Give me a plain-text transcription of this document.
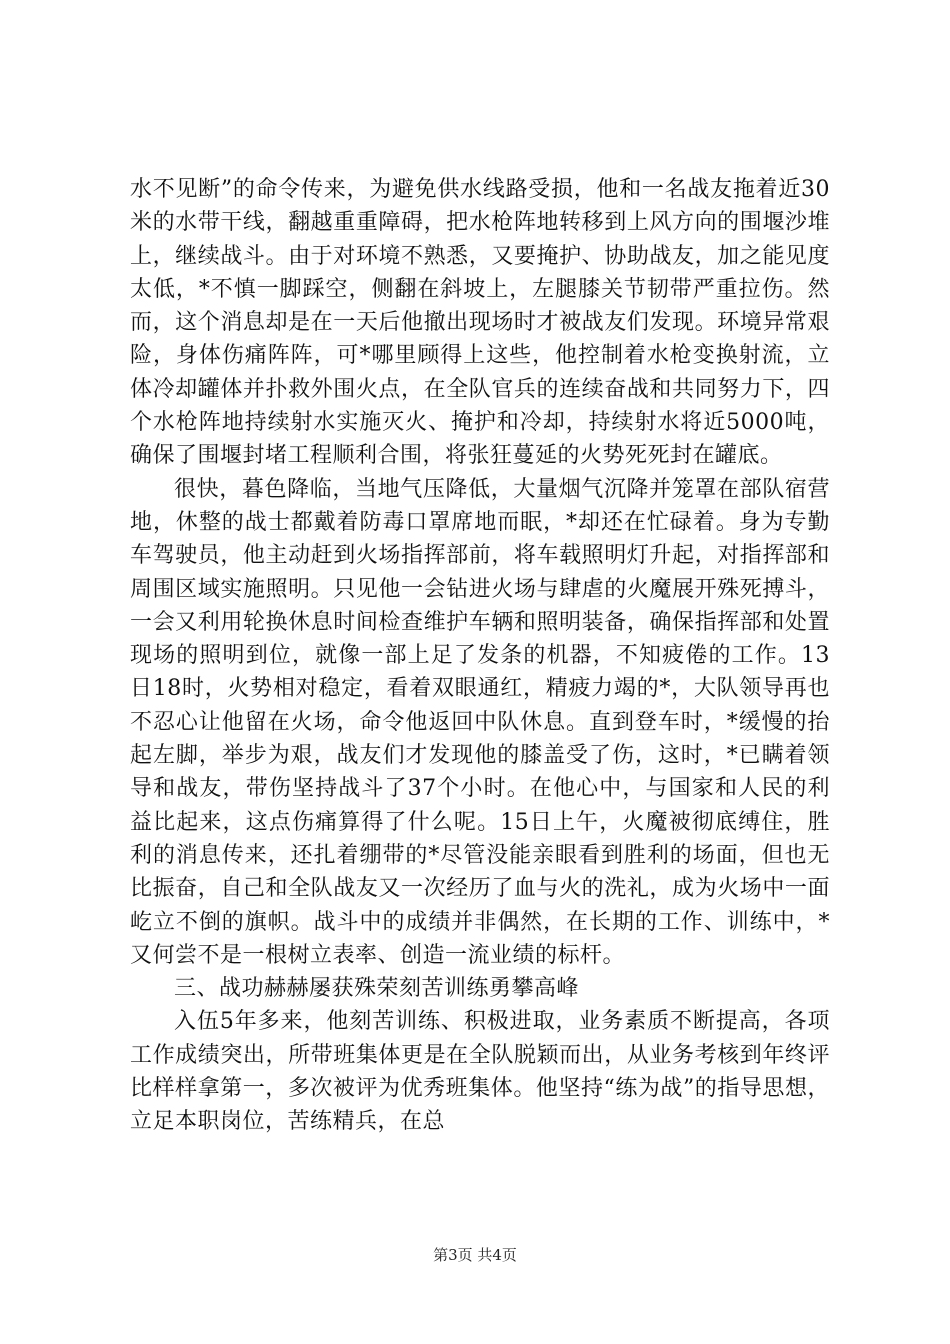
水不见断”的命令传来，为避免供水线路受损，他和一名战友拖着近30米的水带干线，翻越重重障碍，把水枪阵地转移到上风方向的围堰沙堆上，继续战斗。由于对环境不熟悉，又要掩护、协助战友，加之能见度太低，*不慎一脚踩空，侧翻在斜坡上，左腿膝关节韧带严重拉伤。然而，这个消息却是在一天后他撤出现场时才被战友们发现。环境异常艰险，身体伤痛阵阵，可*哪里顾得上这些，他控制着水枪变换射流，立体冷却罐体并扑救外围火点，在全队官兵的连续奋战和共同努力下，四个水枪阵地持续射水实施灭火、掩护和冷却，持续射水将近5000吨，确保了围堰封堵工程顺利合围，将张狂蔓延的火势死死封在罐底。

很快，暮色降临，当地气压降低，大量烟气沉降并笼罩在部队宿营地，休整的战士都戴着防毒口罩席地而眠，*却还在忙碌着。身为专勤车驾驶员，他主动赶到火场指挥部前，将车载照明灯升起，对指挥部和周围区域实施照明。只见他一会钻进火场与肆虐的火魔展开殊死搏斗，一会又利用轮换休息时间检查维护车辆和照明装备，确保指挥部和处置现场的照明到位，就像一部上足了发条的机器，不知疲倦的工作。13日18时，火势相对稳定，看着双眼通红，精疲力竭的*，大队领导再也不忍心让他留在火场，命令他返回中队休息。直到登车时，*缓慢的抬起左脚，举步为艰，战友们才发现他的膝盖受了伤，这时，*已瞒着领导和战友，带伤坚持战斗了37个小时。在他心中，与国家和人民的利益比起来，这点伤痛算得了什么呢。15日上午，火魔被彻底缚住，胜利的消息传来，还扎着绷带的*尽管没能亲眼看到胜利的场面，但也无比振奋，自己和全队战友又一次经历了血与火的洗礼，成为火场中一面屹立不倒的旗帜。战斗中的成绩并非偶然，在长期的工作、训练中，*又何尝不是一根树立表率、创造一流业绩的标杆。

三、战功赫赫屡获殊荣刻苦训练勇攀高峰

入伍5年多来，他刻苦训练、积极进取，业务素质不断提高，各项工作成绩突出，所带班集体更是在全队脱颖而出，从业务考核到年终评比样样拿第一，多次被评为优秀班集体。他坚持“练为战”的指导思想，立足本职岗位，苦练精兵，在总

第3页 共4页
